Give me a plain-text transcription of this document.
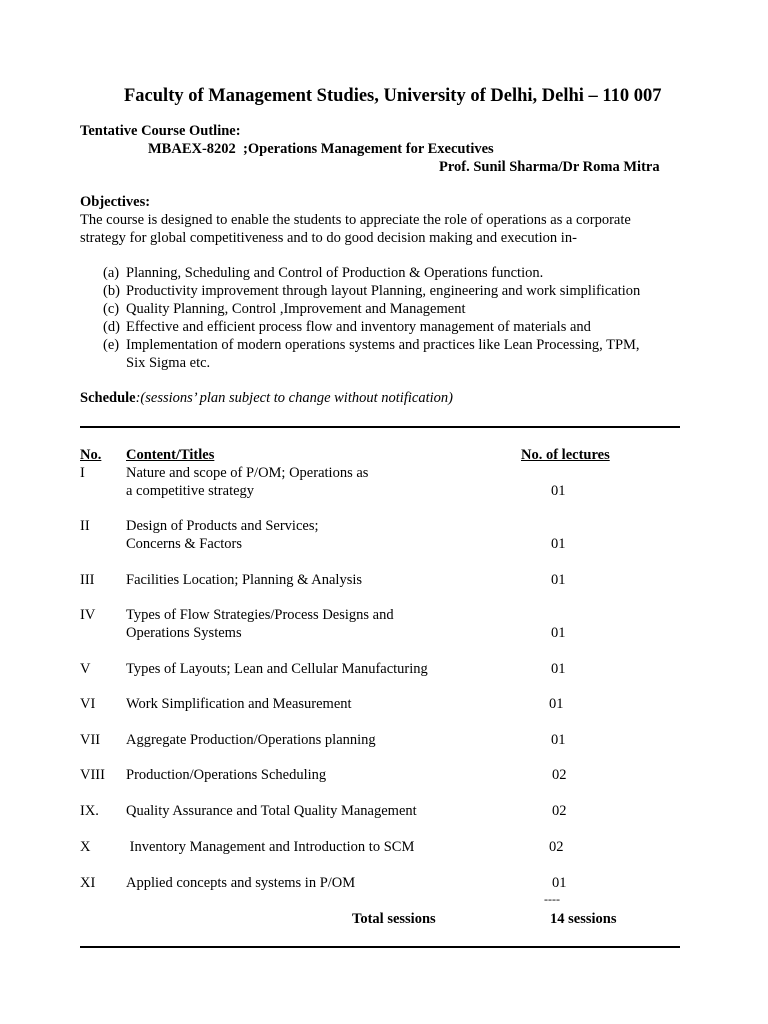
Faculty of Management Studies, University of Delhi, Delhi – 110 007
Tentative Course Outline:
MBAEX-8202  ;Operations Management for Executives
Prof. Sunil Sharma/Dr Roma Mitra
Objectives:
The course is designed to enable the students to appreciate the role of operations as a corporate
strategy for global competitiveness and to do good decision making and execution in-
(a) Planning, Scheduling and Control of Production & Operations function.
(b) Productivity improvement through layout Planning, engineering and work simplification
(c) Quality Planning, Control ,Improvement and Management
(d) Effective and efficient process flow and inventory management of materials and
(e) Implementation of modern operations systems and practices like Lean Processing, TPM,
Six Sigma etc.
Schedule:(sessions’ plan subject to change without notification)
No. Content/Titles	No. of lectures
I	Nature and scope of P/OM; Operations as
a competitive strategy	01
II	Design of Products and Services;
Concerns & Factors	01
III Facilities Location; Planning & Analysis	01
IV Types of Flow Strategies/Process Designs and
Operations Systems	01
V Types of Layouts; Lean and Cellular Manufacturing	01
VI Work Simplification and Measurement	01
VII Aggregate Production/Operations planning	01
VIII Production/Operations Scheduling	02
IX. Quality Assurance and Total Quality Management	02
X Inventory Management and Introduction to SCM	02
XI Applied concepts and systems in P/OM	01
----
Total sessions	14 sessions
